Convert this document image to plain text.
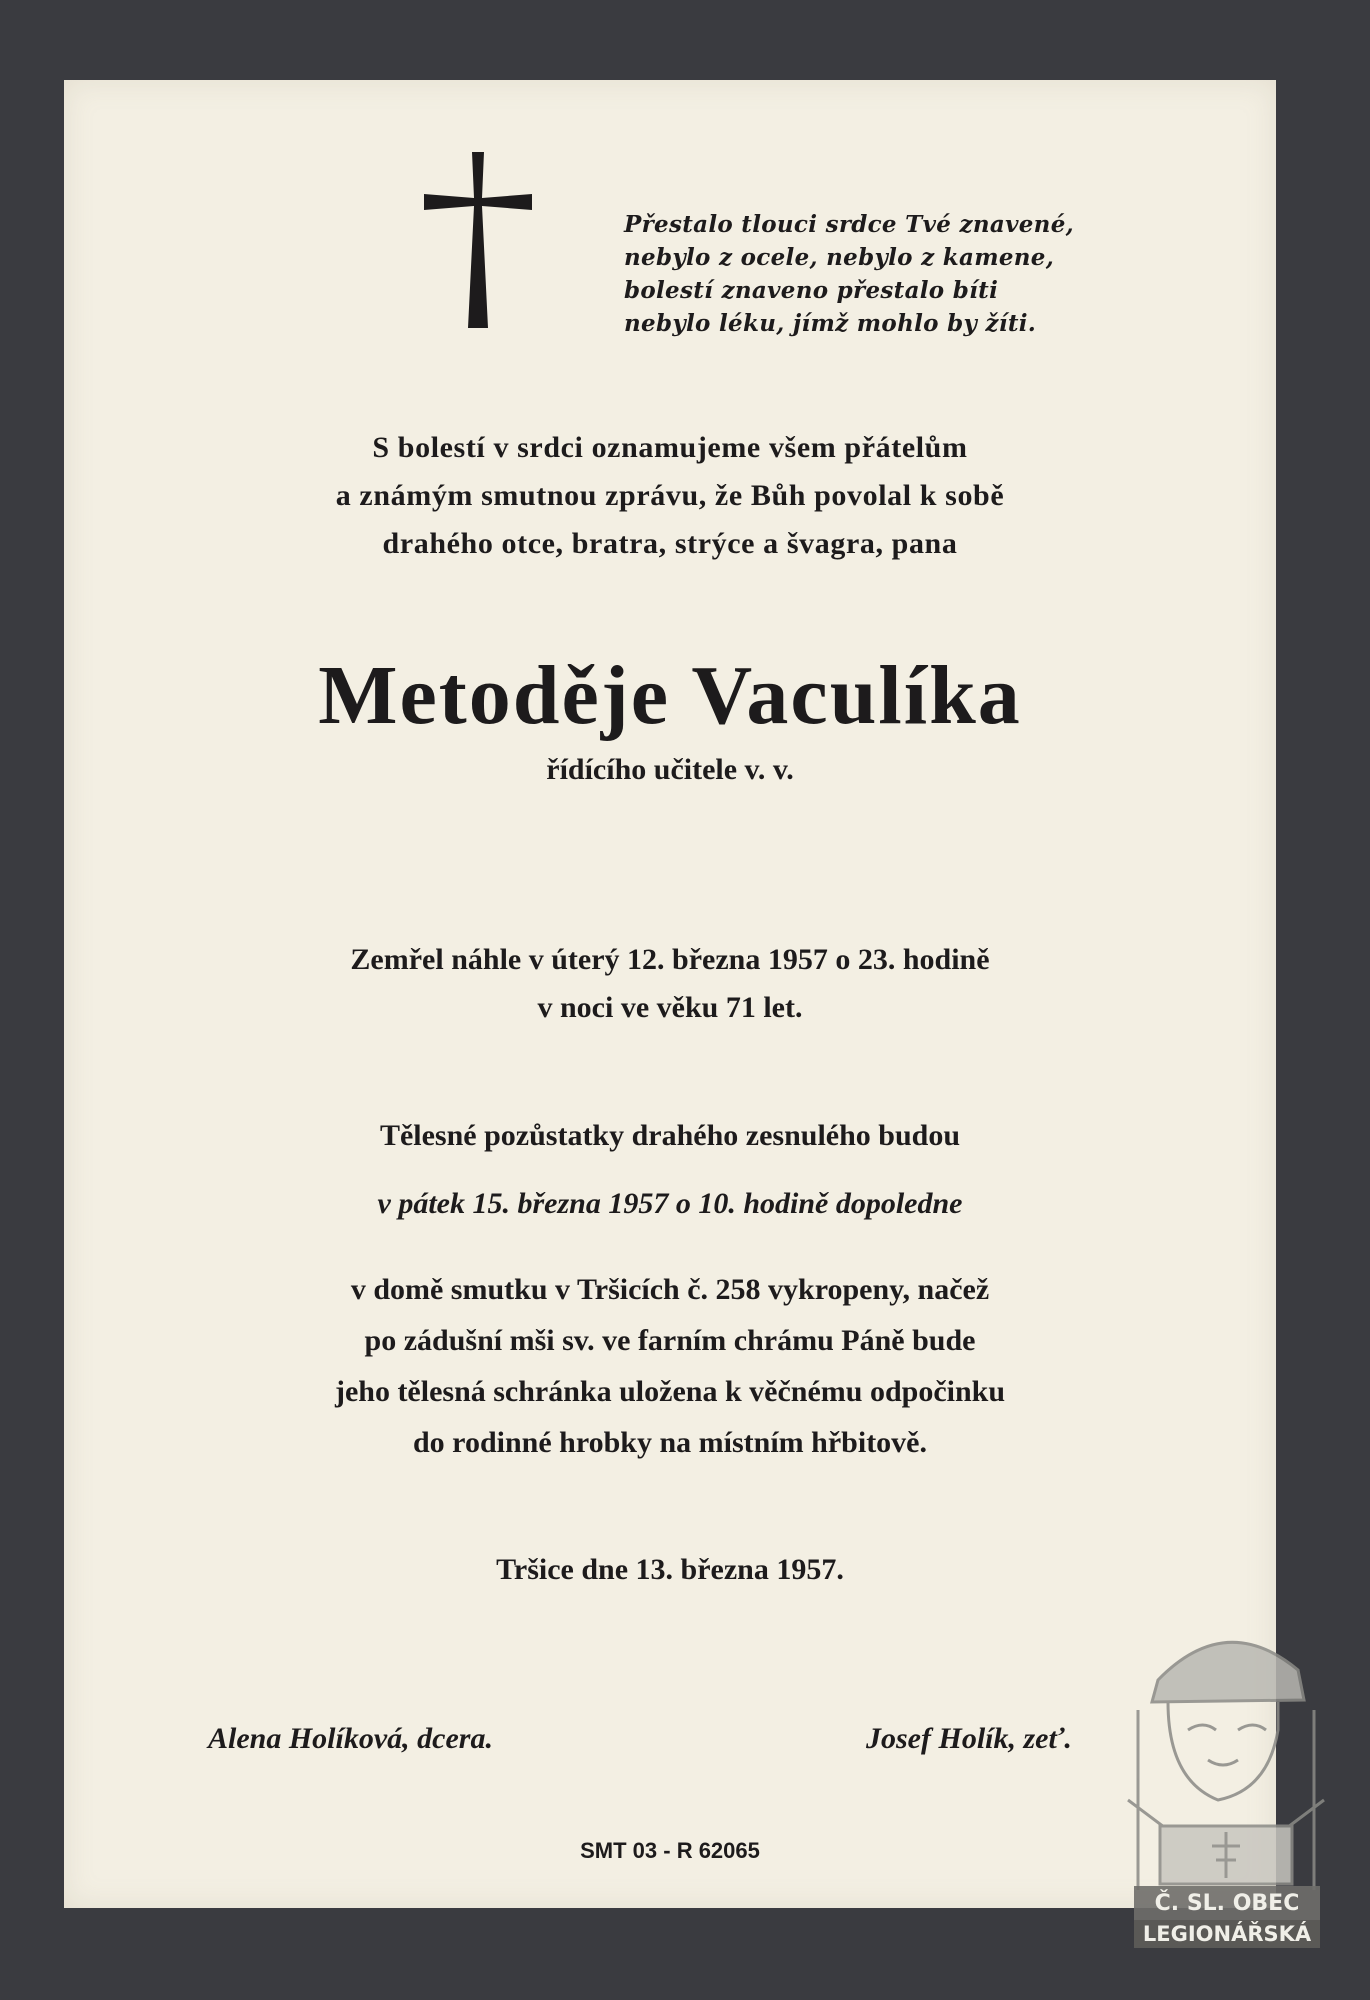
Přestalo tlouci srdce Tvé znavené,
nebylo z ocele, nebylo z kamene,
bolestí znaveno přestalo bíti
nebylo léku, jímž mohlo by žíti.
S bolestí v srdci oznamujeme všem přátelům
a známým smutnou zprávu, že Bůh povolal k sobě
drahého otce, bratra, strýce a švagra, pana
Metoděje Vaculíka
řídícího učitele v. v.
Zemřel náhle v úterý 12. března 1957 o 23. hodině
v noci ve věku 71 let.
Tělesné pozůstatky drahého zesnulého budou
v pátek 15. března 1957 o 10. hodině dopoledne
v domě smutku v Tršicích č. 258 vykropeny, načež
po zádušní mši sv. ve farním chrámu Páně bude
jeho tělesná schránka uložena k věčnému odpočinku
do rodinné hrobky na místním hřbitově.
Tršice dne 13. března 1957.
Alena Holíková, dcera.	Josef Holík, zeť.
SMT 03 - R 62065
Č. SL. OBEC
LEGIONÁŘSKÁ
